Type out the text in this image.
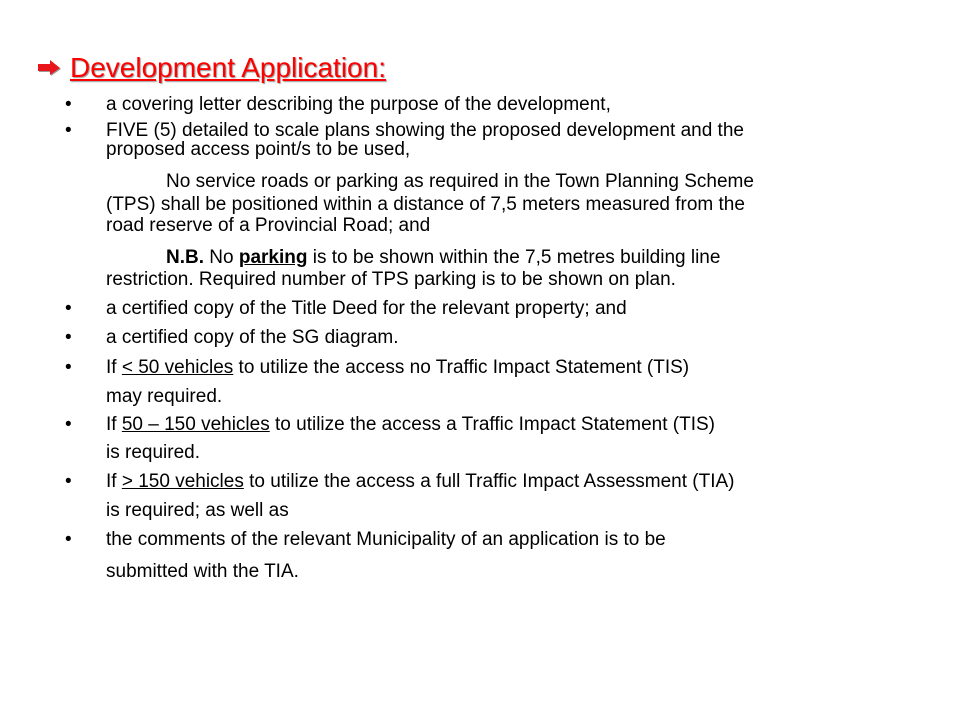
Development Application:
• a covering letter describing the purpose of the development,
• FIVE (5) detailed to scale plans showing the proposed development and the
proposed access point/s to be used,
No service roads or parking as required in the Town Planning Scheme
(TPS) shall be positioned within a distance of 7,5 meters measured from the
road reserve of a Provincial Road; and
N.B. No parking is to be shown within the 7,5 metres building line
restriction. Required number of TPS parking is to be shown on plan.
• a certified copy of the Title Deed for the relevant property; and
• a certified copy of the SG diagram.
• If < 50 vehicles to utilize the access no Traffic Impact Statement (TIS)
may required.
• If 50 – 150 vehicles to utilize the access a Traffic Impact Statement (TIS)
is required.
• If > 150 vehicles to utilize the access a full Traffic Impact Assessment (TIA)
is required; as well as
• the comments of the relevant Municipality of an application is to be
submitted with the TIA.
